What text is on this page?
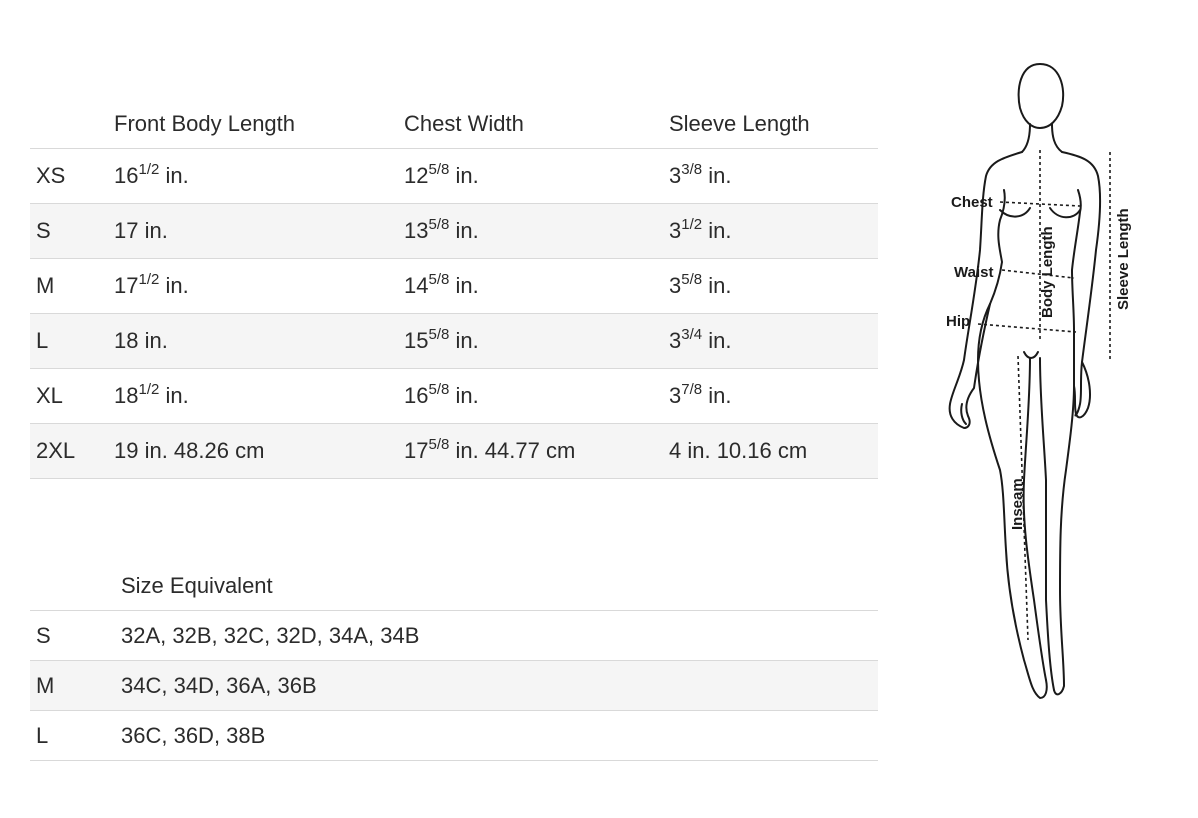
	Front Body Length	Chest Width	Sleeve Length
XS	$16^{1/2}$ in.	$12^{5/8}$ in.	$3^{3/8}$ in.
S	17 in.	$13^{5/8}$ in.	$3^{1/2}$ in.
M	$17^{1/2}$ in.	$14^{5/8}$ in.	$3^{5/8}$ in.
L	18 in.	$15^{5/8}$ in.	$3^{3/4}$ in.
XL	$18^{1/2}$ in.	$16^{5/8}$ in.	$3^{7/8}$ in.
2XL	19 in. 48.26 cm	$17^{5/8}$ in. 44.77 cm	4 in. 10.16 cm
	Size Equivalent
S	32A, 32B, 32C, 32D, 34A, 34B
M	34C, 34D, 36A, 36B
L	36C, 36D, 38B
Chest
Waist
Hip
Body Length	Sleeve Length
Inseam
